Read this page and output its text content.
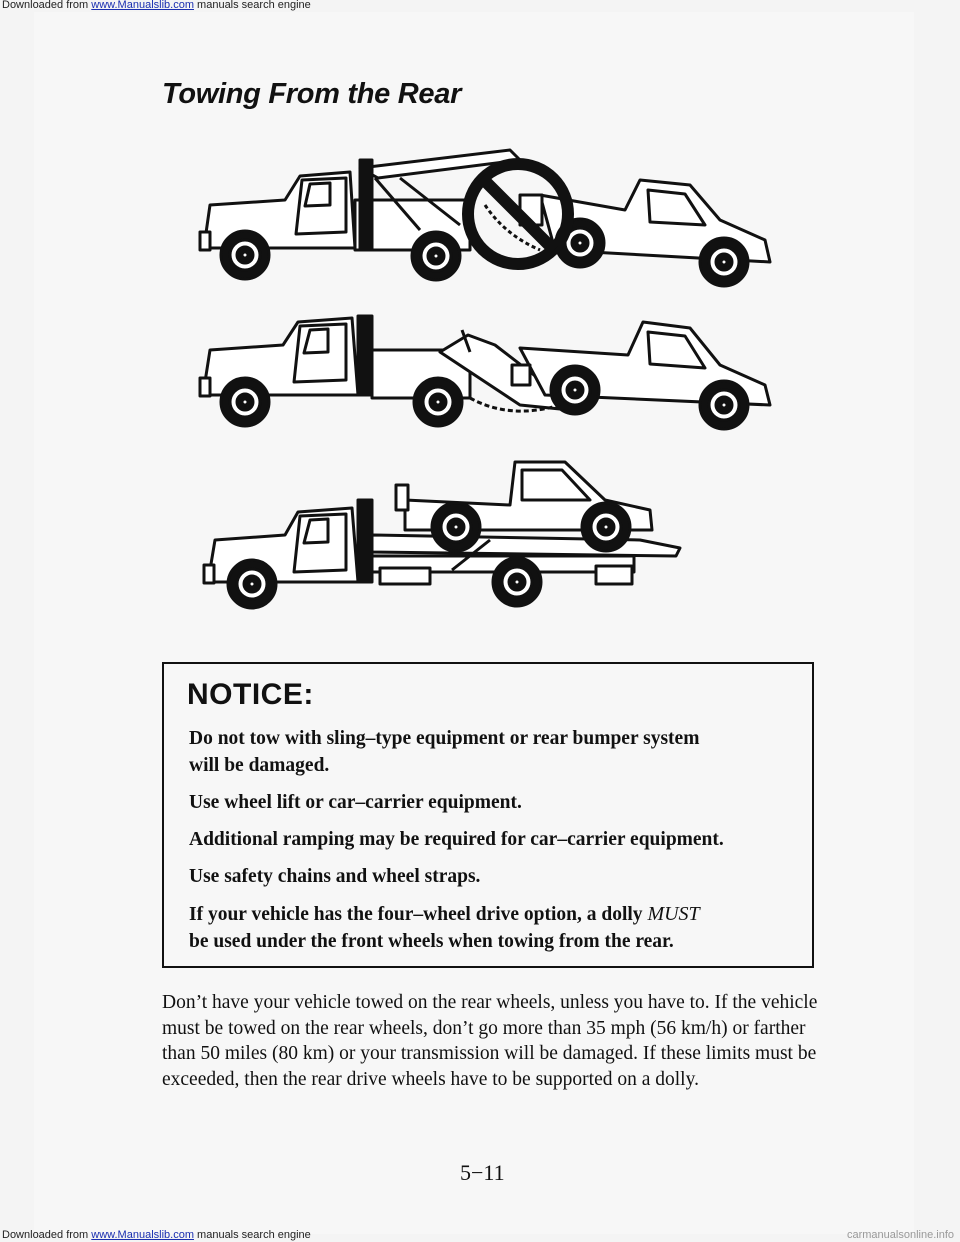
Downloaded from www.Manualslib.com manuals search engine
Towing From the Rear
NOTICE:

Do not tow with sling–type equipment or rear bumper system

will be damaged.

Use wheel lift or car–carrier equipment.

Additional ramping may be required for car–carrier equipment.

Use safety chains and wheel straps.

If your vehicle has the four–wheel drive option, a dolly MUST

be used under the front wheels when towing from the rear.

Don’t have your vehicle towed on the rear wheels, unless you have to. If the vehicle must be towed on the rear wheels, don’t go more than 35 mph (56 km/h) or farther than 50 miles (80 km) or your transmission will be damaged. If these limits must be exceeded, then the rear drive wheels have to be supported on a dolly.

5−11

Downloaded from www.Manualslib.com manuals search engine	carmanualsonline.info
